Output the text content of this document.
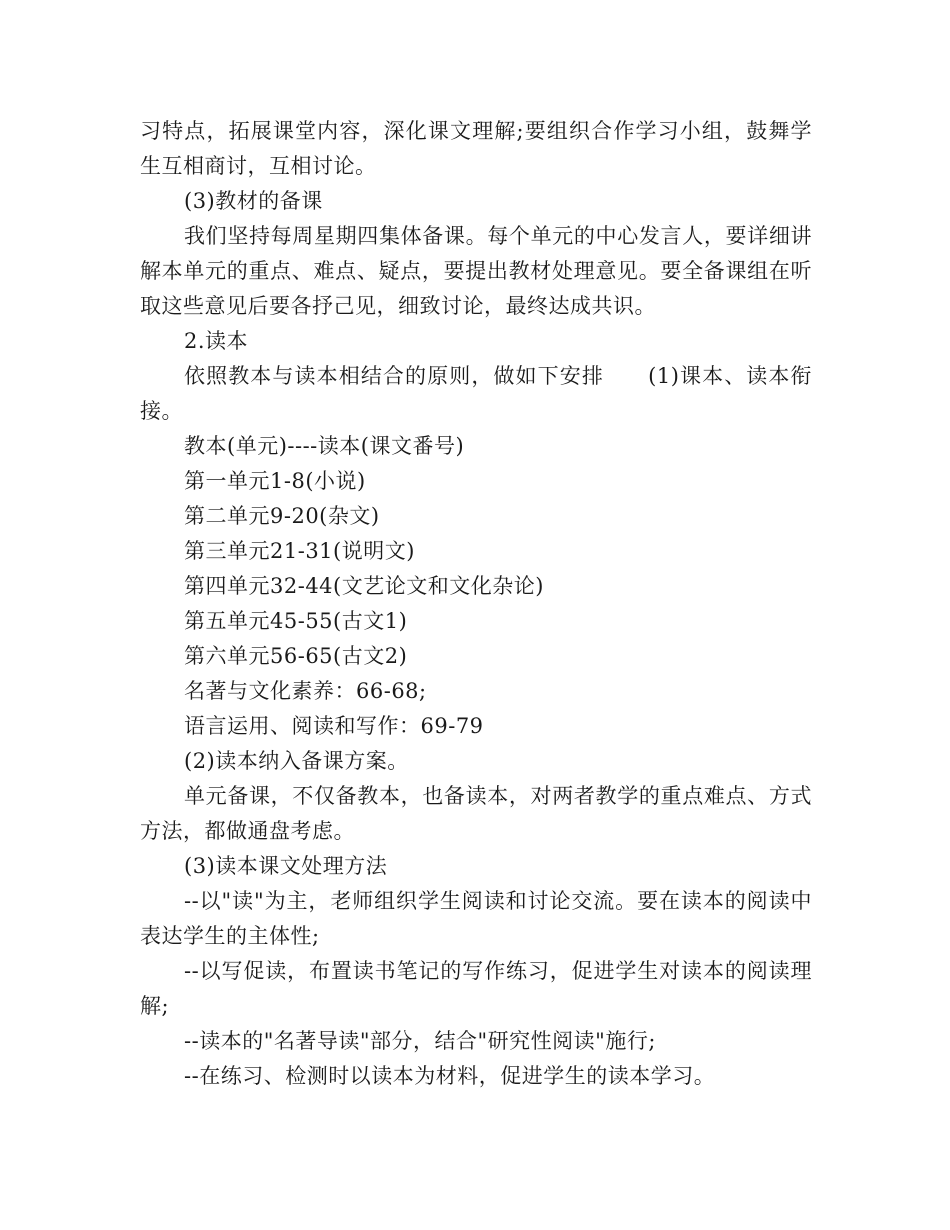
习特点，拓展课堂内容，深化课文理解;要组织合作学习小组，鼓舞学生互相商讨，互相讨论。

(3)教材的备课

我们坚持每周星期四集体备课。每个单元的中心发言人，要详细讲解本单元的重点、难点、疑点，要提出教材处理意见。要全备课组在听取这些意见后要各抒己见，细致讨论，最终达成共识。

2.读本

依照教本与读本相结合的原则，做如下安排　　(1)课本、读本衔接。

教本(单元)----读本(课文番号)

第一单元1-8(小说)

第二单元9-20(杂文)

第三单元21-31(说明文)

第四单元32-44(文艺论文和文化杂论)

第五单元45-55(古文1)

第六单元56-65(古文2)

名著与文化素养：66-68;

语言运用、阅读和写作：69-79

(2)读本纳入备课方案。

单元备课，不仅备教本，也备读本，对两者教学的重点难点、方式方法，都做通盘考虑。

(3)读本课文处理方法

--以"读"为主，老师组织学生阅读和讨论交流。要在读本的阅读中表达学生的主体性;

--以写促读，布置读书笔记的写作练习，促进学生对读本的阅读理解;

--读本的"名著导读"部分，结合"研究性阅读"施行;

--在练习、检测时以读本为材料，促进学生的读本学习。
